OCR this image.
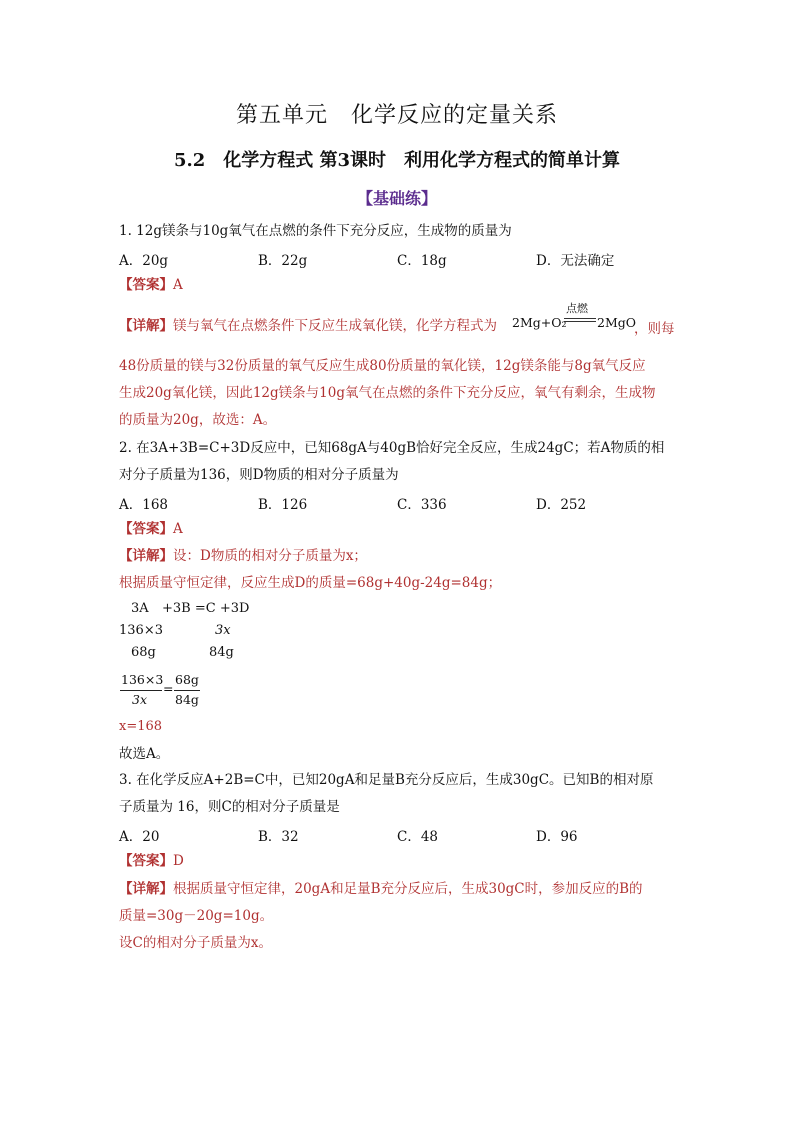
第五单元　化学反应的定量关系
5.2　化学方程式 第3课时　利用化学方程式的简单计算
【基础练】
1. 12g镁条与10g氧气在点燃的条件下充分反应，生成物的质量为
A．20g	B．22g	C．18g	D．无法确定
【答案】A
【详解】镁与氧气在点燃条件下反应生成氧化镁，化学方程式为 2Mg+O₂
点燃
2MgO
，则每
48份质量的镁与32份质量的氧气反应生成80份质量的氧化镁，12g镁条能与8g氧气反应
生成20g氧化镁，因此12g镁条与10g氧气在点燃的条件下充分反应，氧气有剩余，生成物
的质量为20g，故选：A。
2. 在3A+3B=C+3D反应中，已知68gA与40gB恰好完全反应，生成24gC；若A物质的相
对分子质量为136，则D物质的相对分子质量为
A．168	B．126	C．336	D．252
【答案】A
【详解】设：D物质的相对分子质量为x；
根据质量守恒定律，反应生成D的质量=68g+40g-24g=84g；
3A +3B =C +3D
136×3	3x
68g	84g
136×3
3x
=
68g
84g
x=168
故选A。
3. 在化学反应A+2B=C中，已知20gA和足量B充分反应后，生成30gC。已知B的相对原
子质量为 16，则C的相对分子质量是
A．20	B．32	C．48	D．96
【答案】D
【详解】根据质量守恒定律，20gA和足量B充分反应后，生成30gC时，参加反应的B的
质量=30g－20g=10g。
设C的相对分子质量为x。
